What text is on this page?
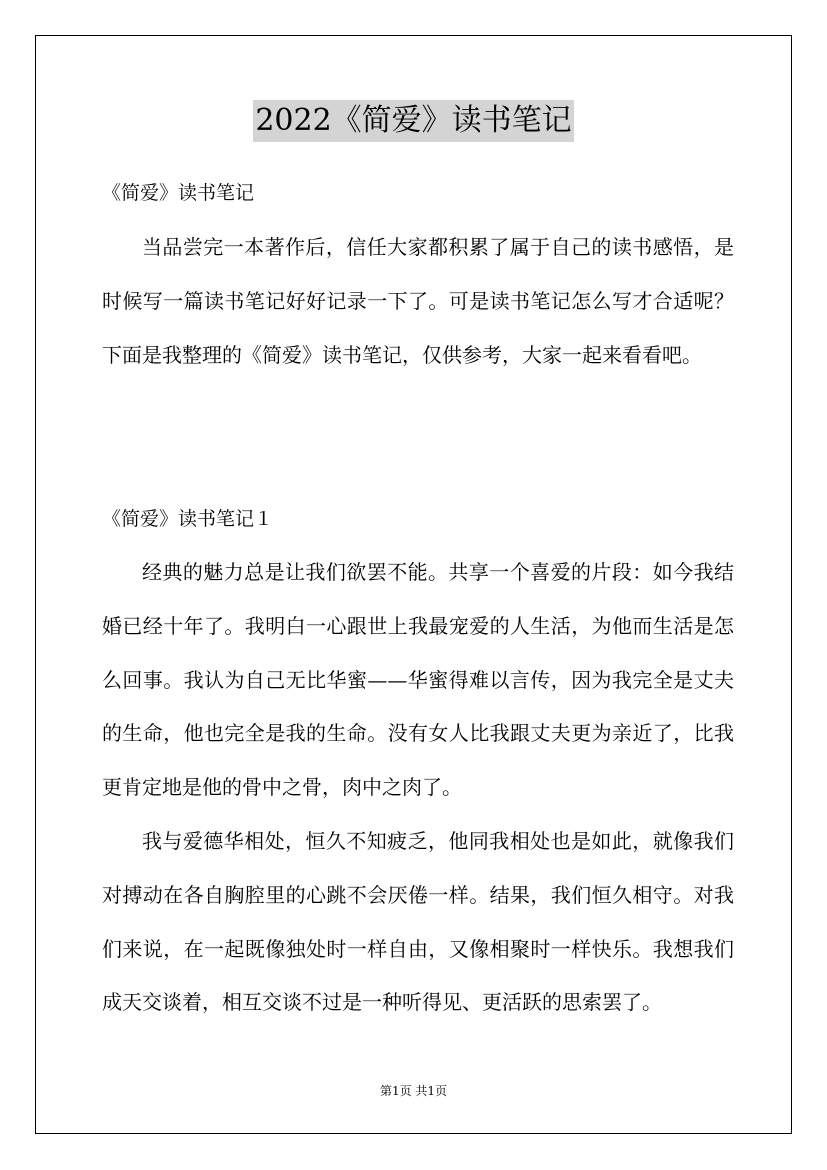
2022《简爱》读书笔记
《简爱》读书笔记

当品尝完一本著作后，信任大家都积累了属于自己的读书感悟，是时候写一篇读书笔记好好记录一下了。可是读书笔记怎么写才合适呢？下面是我整理的《简爱》读书笔记，仅供参考，大家一起来看看吧。

《简爱》读书笔记１

经典的魅力总是让我们欲罢不能。共享一个喜爱的片段：如今我结婚已经十年了。我明白一心跟世上我最宠爱的人生活，为他而生活是怎么回事。我认为自己无比华蜜——华蜜得难以言传，因为我完全是丈夫的生命，他也完全是我的生命。没有女人比我跟丈夫更为亲近了，比我更肯定地是他的骨中之骨，肉中之肉了。

我与爱德华相处，恒久不知疲乏，他同我相处也是如此，就像我们对搏动在各自胸腔里的心跳不会厌倦一样。结果，我们恒久相守。对我们来说，在一起既像独处时一样自由，又像相聚时一样快乐。我想我们成天交谈着，相互交谈不过是一种听得见、更活跃的思索罢了。

第1页 共1页
